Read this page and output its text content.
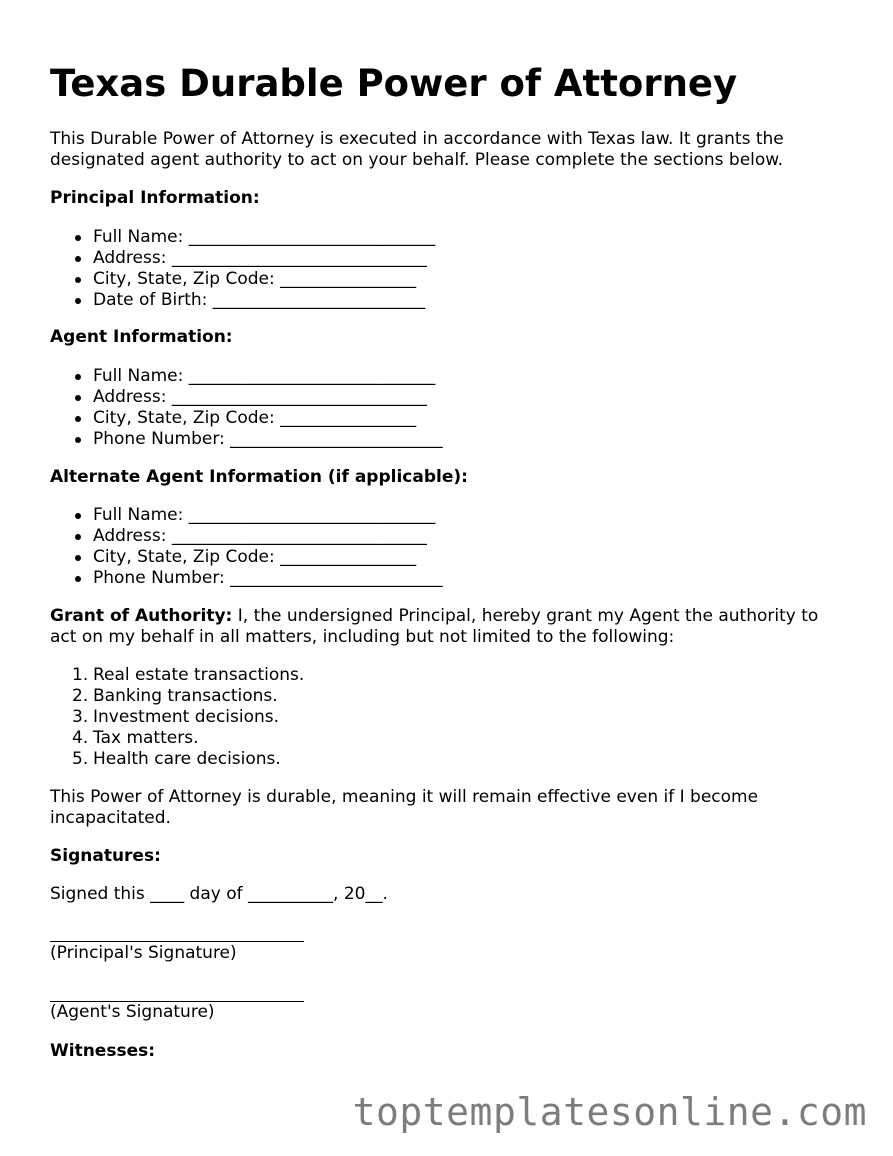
Texas Durable Power of Attorney
This Durable Power of Attorney is executed in accordance with Texas law. It grants the
designated agent authority to act on your behalf. Please complete the sections below.
Principal Information:
Full Name: _____________________________
Address: ______________________________
City, State, Zip Code: ________________
Date of Birth: _________________________
Agent Information:
Full Name: _____________________________
Address: ______________________________
City, State, Zip Code: ________________
Phone Number: _________________________
Alternate Agent Information (if applicable):
Full Name: _____________________________
Address: ______________________________
City, State, Zip Code: ________________
Phone Number: _________________________
Grant of Authority: I, the undersigned Principal, hereby grant my Agent the authority to
act on my behalf in all matters, including but not limited to the following:
1. Real estate transactions.
2. Banking transactions.
3. Investment decisions.
4. Tax matters.
5. Health care decisions.
This Power of Attorney is durable, meaning it will remain effective even if I become
incapacitated.
Signatures:
Signed this ____ day of __________, 20__.
(Principal's Signature)
(Agent's Signature)
Witnesses:
toptemplatesonline.com
